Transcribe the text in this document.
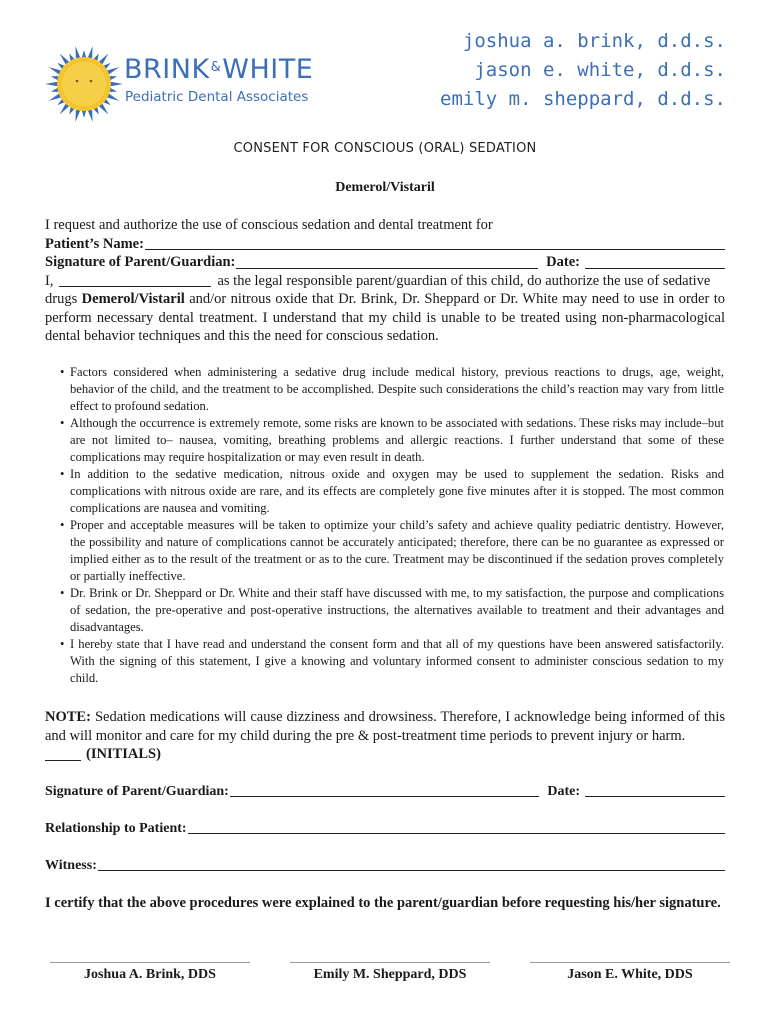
BRINK&WHITE
Pediatric Dental Associates
joshua a. brink, d.d.s.
jason e. white, d.d.s.
emily m. sheppard, d.d.s.
CONSENT FOR CONSCIOUS (ORAL) SEDATION
Demerol/Vistaril

I request and authorize the use of conscious sedation and dental treatment for

Patient’s Name:
Signature of Parent/Guardian:	Date:
I,	as the legal responsible parent/guardian of this child, do authorize the use of sedative

drugs Demerol/Vistaril and/or nitrous oxide that Dr. Brink, Dr. Sheppard or Dr. White may need to use in order to perform necessary dental treatment. I understand that my child is unable to be treated using non-pharmacological dental behavior techniques and this the need for conscious sedation.

• Factors considered when administering a sedative drug include medical history, previous reactions to drugs, age, weight, behavior of the child, and the treatment to be accomplished. Despite such considerations the child’s reaction may vary from little effect to profound sedation.
• Although the occurrence is extremely remote, some risks are known to be associated with sedations. These risks may include–but are not limited to– nausea, vomiting, breathing problems and allergic reactions. I further understand that some of these complications may require hospitalization or may even result in death.
• In addition to the sedative medication, nitrous oxide and oxygen may be used to supplement the sedation. Risks and complications with nitrous oxide are rare, and its effects are completely gone five minutes after it is stopped. The most common complications are nausea and vomiting.
• Proper and acceptable measures will be taken to optimize your child’s safety and achieve quality pediatric dentistry. However, the possibility and nature of complications cannot be accurately anticipated; therefore, there can be no guarantee as expressed or implied either as to the result of the treatment or as to the cure. Treatment may be discontinued if the sedation proves completely or partially ineffective.
• Dr. Brink or Dr. Sheppard or Dr. White and their staff have discussed with me, to my satisfaction, the purpose and complications of sedation, the pre-operative and post-operative instructions, the alternatives available to treatment and their advantages and disadvantages.
• I hereby state that I have read and understand the consent form and that all of my questions have been answered satisfactorily. With the signing of this statement, I give a knowing and voluntary informed consent to administer conscious sedation to my child.
NOTE: Sedation medications will cause dizziness and drowsiness. Therefore, I acknowledge being informed of this and will monitor and care for my child during the pre & post-treatment time periods to prevent injury or harm.
(INITIALS)
Signature of Parent/Guardian:	Date:
Relationship to Patient:
Witness:
I certify that the above procedures were explained to the parent/guardian before requesting his/her signature.
Joshua A. Brink, DDS	Emily M. Sheppard, DDS	Jason E. White, DDS
